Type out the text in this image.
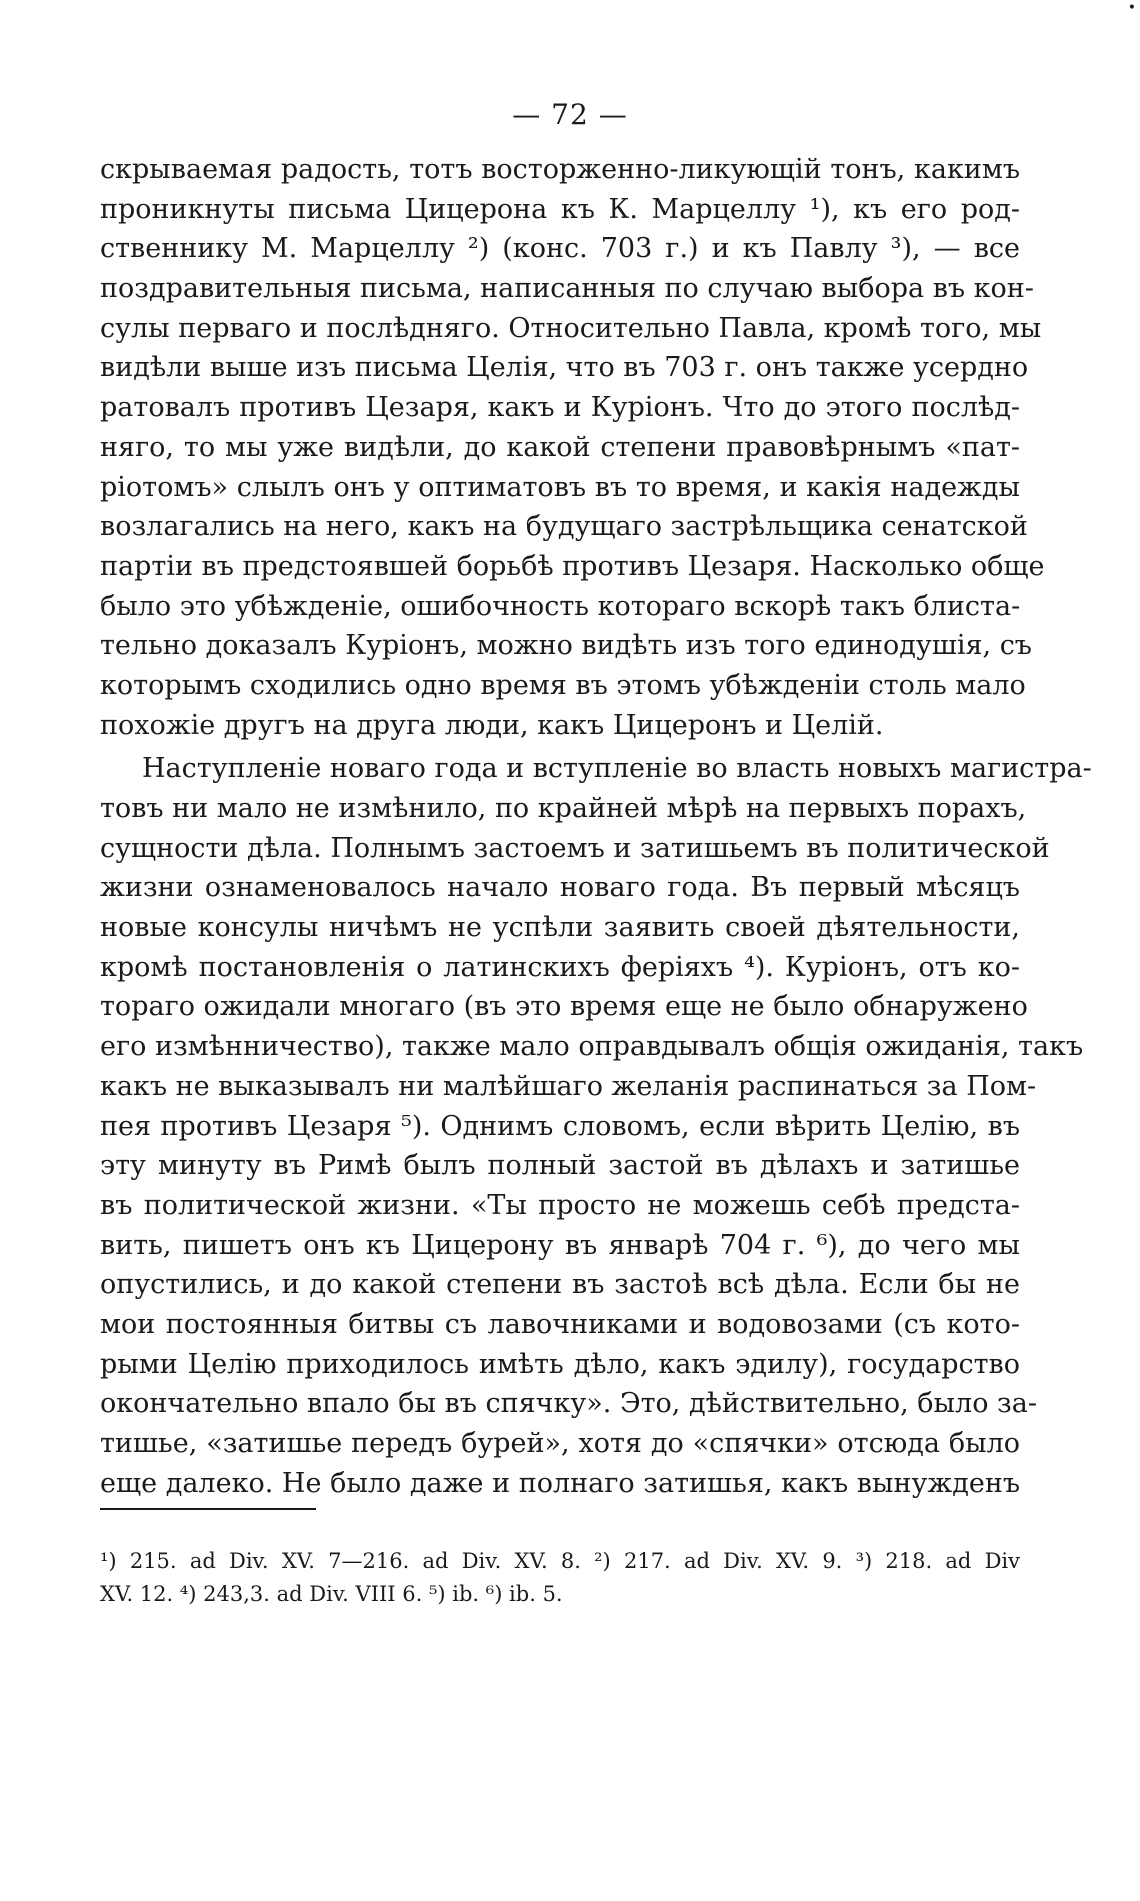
•
— 72 —
скрываемая радость, тотъ восторженно-ликующій тонъ, какимъ
проникнуты письма Цицерона къ К. Марцеллу ¹), къ его род-
ственнику М. Марцеллу ²) (конс. 703 г.) и къ Павлу ³), — все
поздравительныя письма, написанныя по случаю выбора въ кон-
сулы перваго и послѣдняго. Относительно Павла, кромѣ того, мы
видѣли выше изъ письма Целія, что въ 703 г. онъ также усердно
ратовалъ противъ Цезаря, какъ и Куріонъ. Что до этого послѣд-
няго, то мы уже видѣли, до какой степени правовѣрнымъ «пат-
ріотомъ» слылъ онъ у оптиматовъ въ то время, и какія надежды
возлагались на него, какъ на будущаго застрѣльщика сенатской
партіи въ предстоявшей борьбѣ противъ Цезаря. Насколько обще
было это убѣжденіе, ошибочность котораго вскорѣ такъ блиста-
тельно доказалъ Куріонъ, можно видѣть изъ того единодушія, съ
которымъ сходились одно время въ этомъ убѣжденіи столь мало
похожіе другъ на друга люди, какъ Цицеронъ и Целій.
Наступленіе новаго года и вступленіе во власть новыхъ магистра-
товъ ни мало не измѣнило, по крайней мѣрѣ на первыхъ порахъ,
сущности дѣла. Полнымъ застоемъ и затишьемъ въ политической
жизни ознаменовалось начало новаго года. Въ первый мѣсяцъ
новые консулы ничѣмъ не успѣли заявить своей дѣятельности,
кромѣ постановленія о латинскихъ феріяхъ ⁴). Куріонъ, отъ ко-
тораго ожидали многаго (въ это время еще не было обнаружено
его измѣнничество), также мало оправдывалъ общія ожиданія, такъ
какъ не выказывалъ ни малѣйшаго желанія распинаться за Пом-
пея противъ Цезаря ⁵). Однимъ словомъ, если вѣрить Целію, въ
эту минуту въ Римѣ былъ полный застой въ дѣлахъ и затишье
въ политической жизни. «Ты просто не можешь себѣ предста-
вить, пишетъ онъ къ Цицерону въ январѣ 704 г. ⁶), до чего мы
опустились, и до какой степени въ застоѣ всѣ дѣла. Если бы не
мои постоянныя битвы съ лавочниками и водовозами (съ кото-
рыми Целію приходилось имѣть дѣло, какъ эдилу), государство
окончательно впало бы въ спячку». Это, дѣйствительно, было за-
тишье, «затишье передъ бурей», хотя до «спячки» отсюда было
еще далеко. Не было даже и полнаго затишья, какъ вынужденъ
¹) 215. ad Div. XV. 7—216. ad Div. XV. 8. ²) 217. ad Div. XV. 9. ³) 218. ad Div
XV. 12. ⁴) 243,3. ad Div. VIII 6. ⁵) ib. ⁶) ib. 5.
